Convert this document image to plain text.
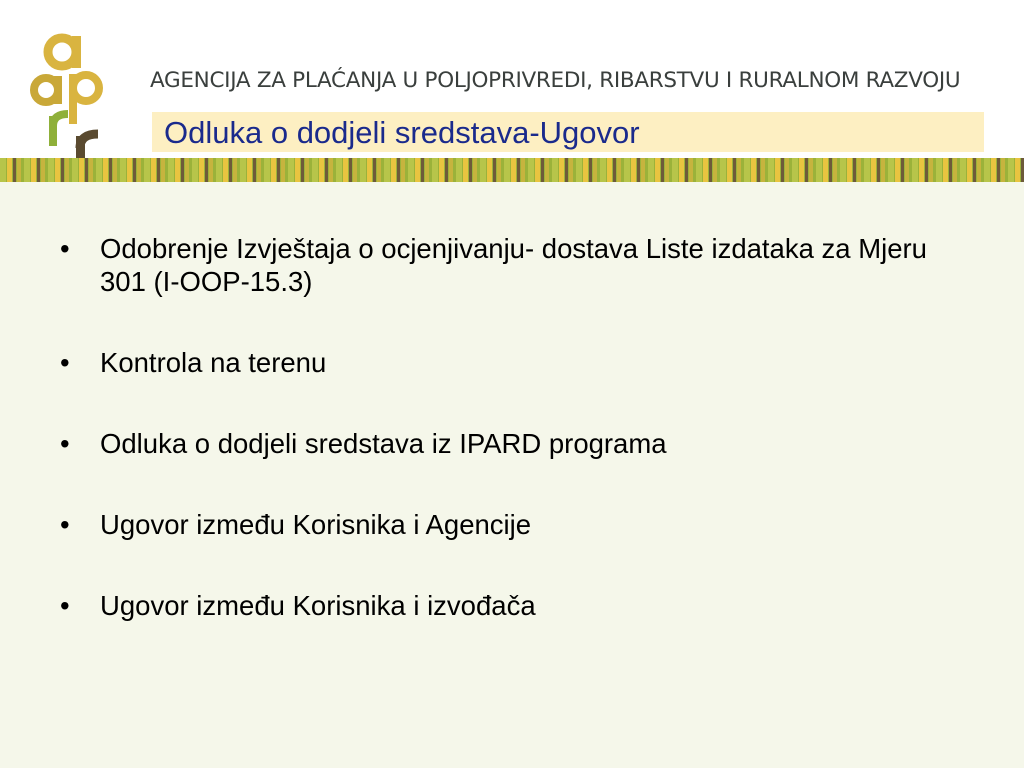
AGENCIJA ZA PLAĆANJA U POLJOPRIVREDI, RIBARSTVU I RURALNOM RAZVOJU
Odluka o dodjeli sredstava-Ugovor
• Odobrenje Izvještaja o ocjenjivanju- dostava Liste izdataka za Mjeru 301 (I-OOP-15.3)
• Kontrola na terenu
• Odluka o dodjeli sredstava iz IPARD programa
• Ugovor između Korisnika i Agencije
• Ugovor između Korisnika i izvođača
